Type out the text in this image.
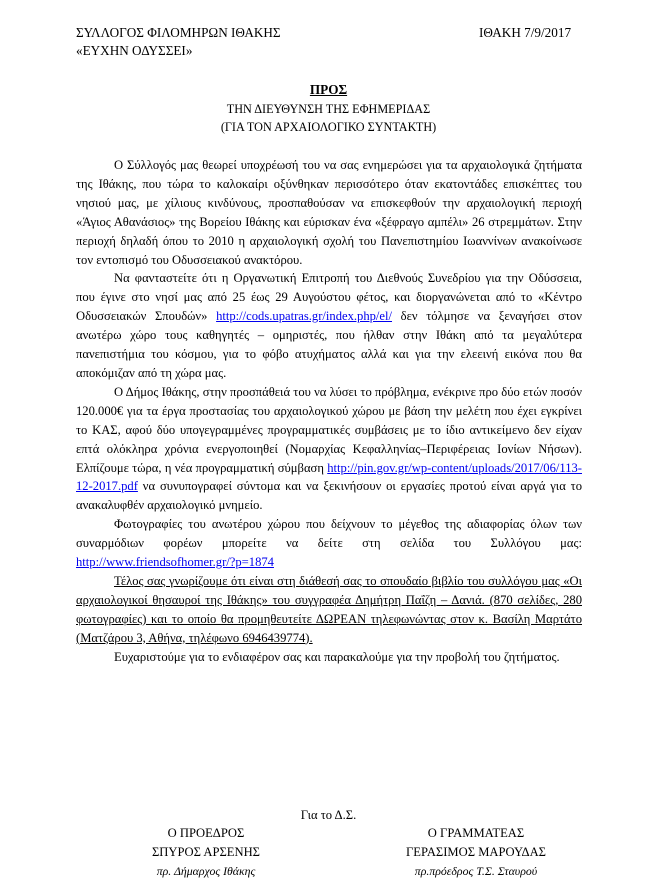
ΣΥΛΛΟΓΟΣ ΦΙΛΟΜΗΡΩΝ ΙΘΑΚΗΣ
«ΕΥΧΗΝ ΟΔΥΣΣΕΙ»
ΙΘΑΚΗ 7/9/2017
ΠΡΟΣ
ΤΗΝ ΔΙΕΥΘΥΝΣΗ ΤΗΣ ΕΦΗΜΕΡΙΔΑΣ
(ΓΙΑ ΤΟΝ ΑΡΧΑΙΟΛΟΓΙΚΟ ΣΥΝΤΑΚΤΗ)

Ο Σύλλογός μας θεωρεί υποχρέωσή του να σας ενημερώσει για τα αρχαιολογικά ζητήματα της Ιθάκης, που τώρα το καλοκαίρι οξύνθηκαν περισσότερο όταν εκατοντάδες επισκέπτες του νησιού μας, με χίλιους κινδύνους, προσπαθούσαν να επισκεφθούν την αρχαιολογική περιοχή «Άγιος Αθανάσιος» της Βορείου Ιθάκης και εύρισκαν ένα «ξέφραγο αμπέλι» 26 στρεμμάτων. Στην περιοχή δηλαδή όπου το 2010 η αρχαιολογική σχολή του Πανεπιστημίου Ιωαννίνων ανακοίνωσε τον εντοπισμό του Οδυσσειακού ανακτόρου.

Να φανταστείτε ότι η Οργανωτική Επιτροπή του Διεθνούς Συνεδρίου για την Οδύσσεια, που έγινε στο νησί μας από 25 έως 29 Αυγούστου φέτος, και διοργανώνεται από το «Κέντρο Οδυσσειακών Σπουδών» http://cods.upatras.gr/index.php/el/ δεν τόλμησε να ξεναγήσει στον ανωτέρω χώρο τους καθηγητές – ομηριστές, που ήλθαν στην Ιθάκη από τα μεγαλύτερα πανεπιστήμια του κόσμου, για το φόβο ατυχήματος αλλά και για την ελεεινή εικόνα που θα αποκόμιζαν από τη χώρα μας.

Ο Δήμος Ιθάκης, στην προσπάθειά του να λύσει το πρόβλημα, ενέκρινε προ δύο ετών ποσόν 120.000€ για τα έργα προστασίας του αρχαιολογικού χώρου με βάση την μελέτη που έχει εγκρίνει το ΚΑΣ, αφού δύο υπογεγραμμένες προγραμματικές συμβάσεις με το ίδιο αντικείμενο δεν είχαν επτά ολόκληρα χρόνια ενεργοποιηθεί (Νομαρχίας Κεφαλληνίας–Περιφέρειας Ιονίων Νήσων). Ελπίζουμε τώρα, η νέα προγραμματική σύμβαση http://pin.gov.gr/wp-content/uploads/2017/06/113-12-2017.pdf να συνυπογραφεί σύντομα και να ξεκινήσουν οι εργασίες προτού είναι αργά για το ανακαλυφθέν αρχαιολογικό μνημείο.

Φωτογραφίες του ανωτέρου χώρου που δείχνουν το μέγεθος της αδιαφορίας όλων των συναρμόδιων φορέων μπορείτε να δείτε στη σελίδα του Συλλόγου μας: http://www.friendsofhomer.gr/?p=1874

Τέλος σας γνωρίζουμε ότι είναι στη διάθεσή σας το σπουδαίο βιβλίο του συλλόγου μας «Οι αρχαιολογικοί θησαυροί της Ιθάκης» του συγγραφέα Δημήτρη Παΐζη – Δανιά. (870 σελίδες, 280 φωτογραφίες) και το οποίο θα προμηθευτείτε ΔΩΡΕΑΝ τηλεφωνώντας στον κ. Βασίλη Μαρτάτο (Ματζάρου 3, Αθήνα, τηλέφωνο 6946439774).

Ευχαριστούμε για το ενδιαφέρον σας και παρακαλούμε για την προβολή του ζητήματος.

Για το Δ.Σ.
Ο ΠΡΟΕΔΡΟΣ
ΣΠΥΡΟΣ ΑΡΣΕΝΗΣ
πρ. Δήμαρχος Ιθάκης
Ο ΓΡΑΜΜΑΤΕΑΣ
ΓΕΡΑΣΙΜΟΣ ΜΑΡΟΥΔΑΣ
πρ.πρόεδρος Τ.Σ. Σταυρού
